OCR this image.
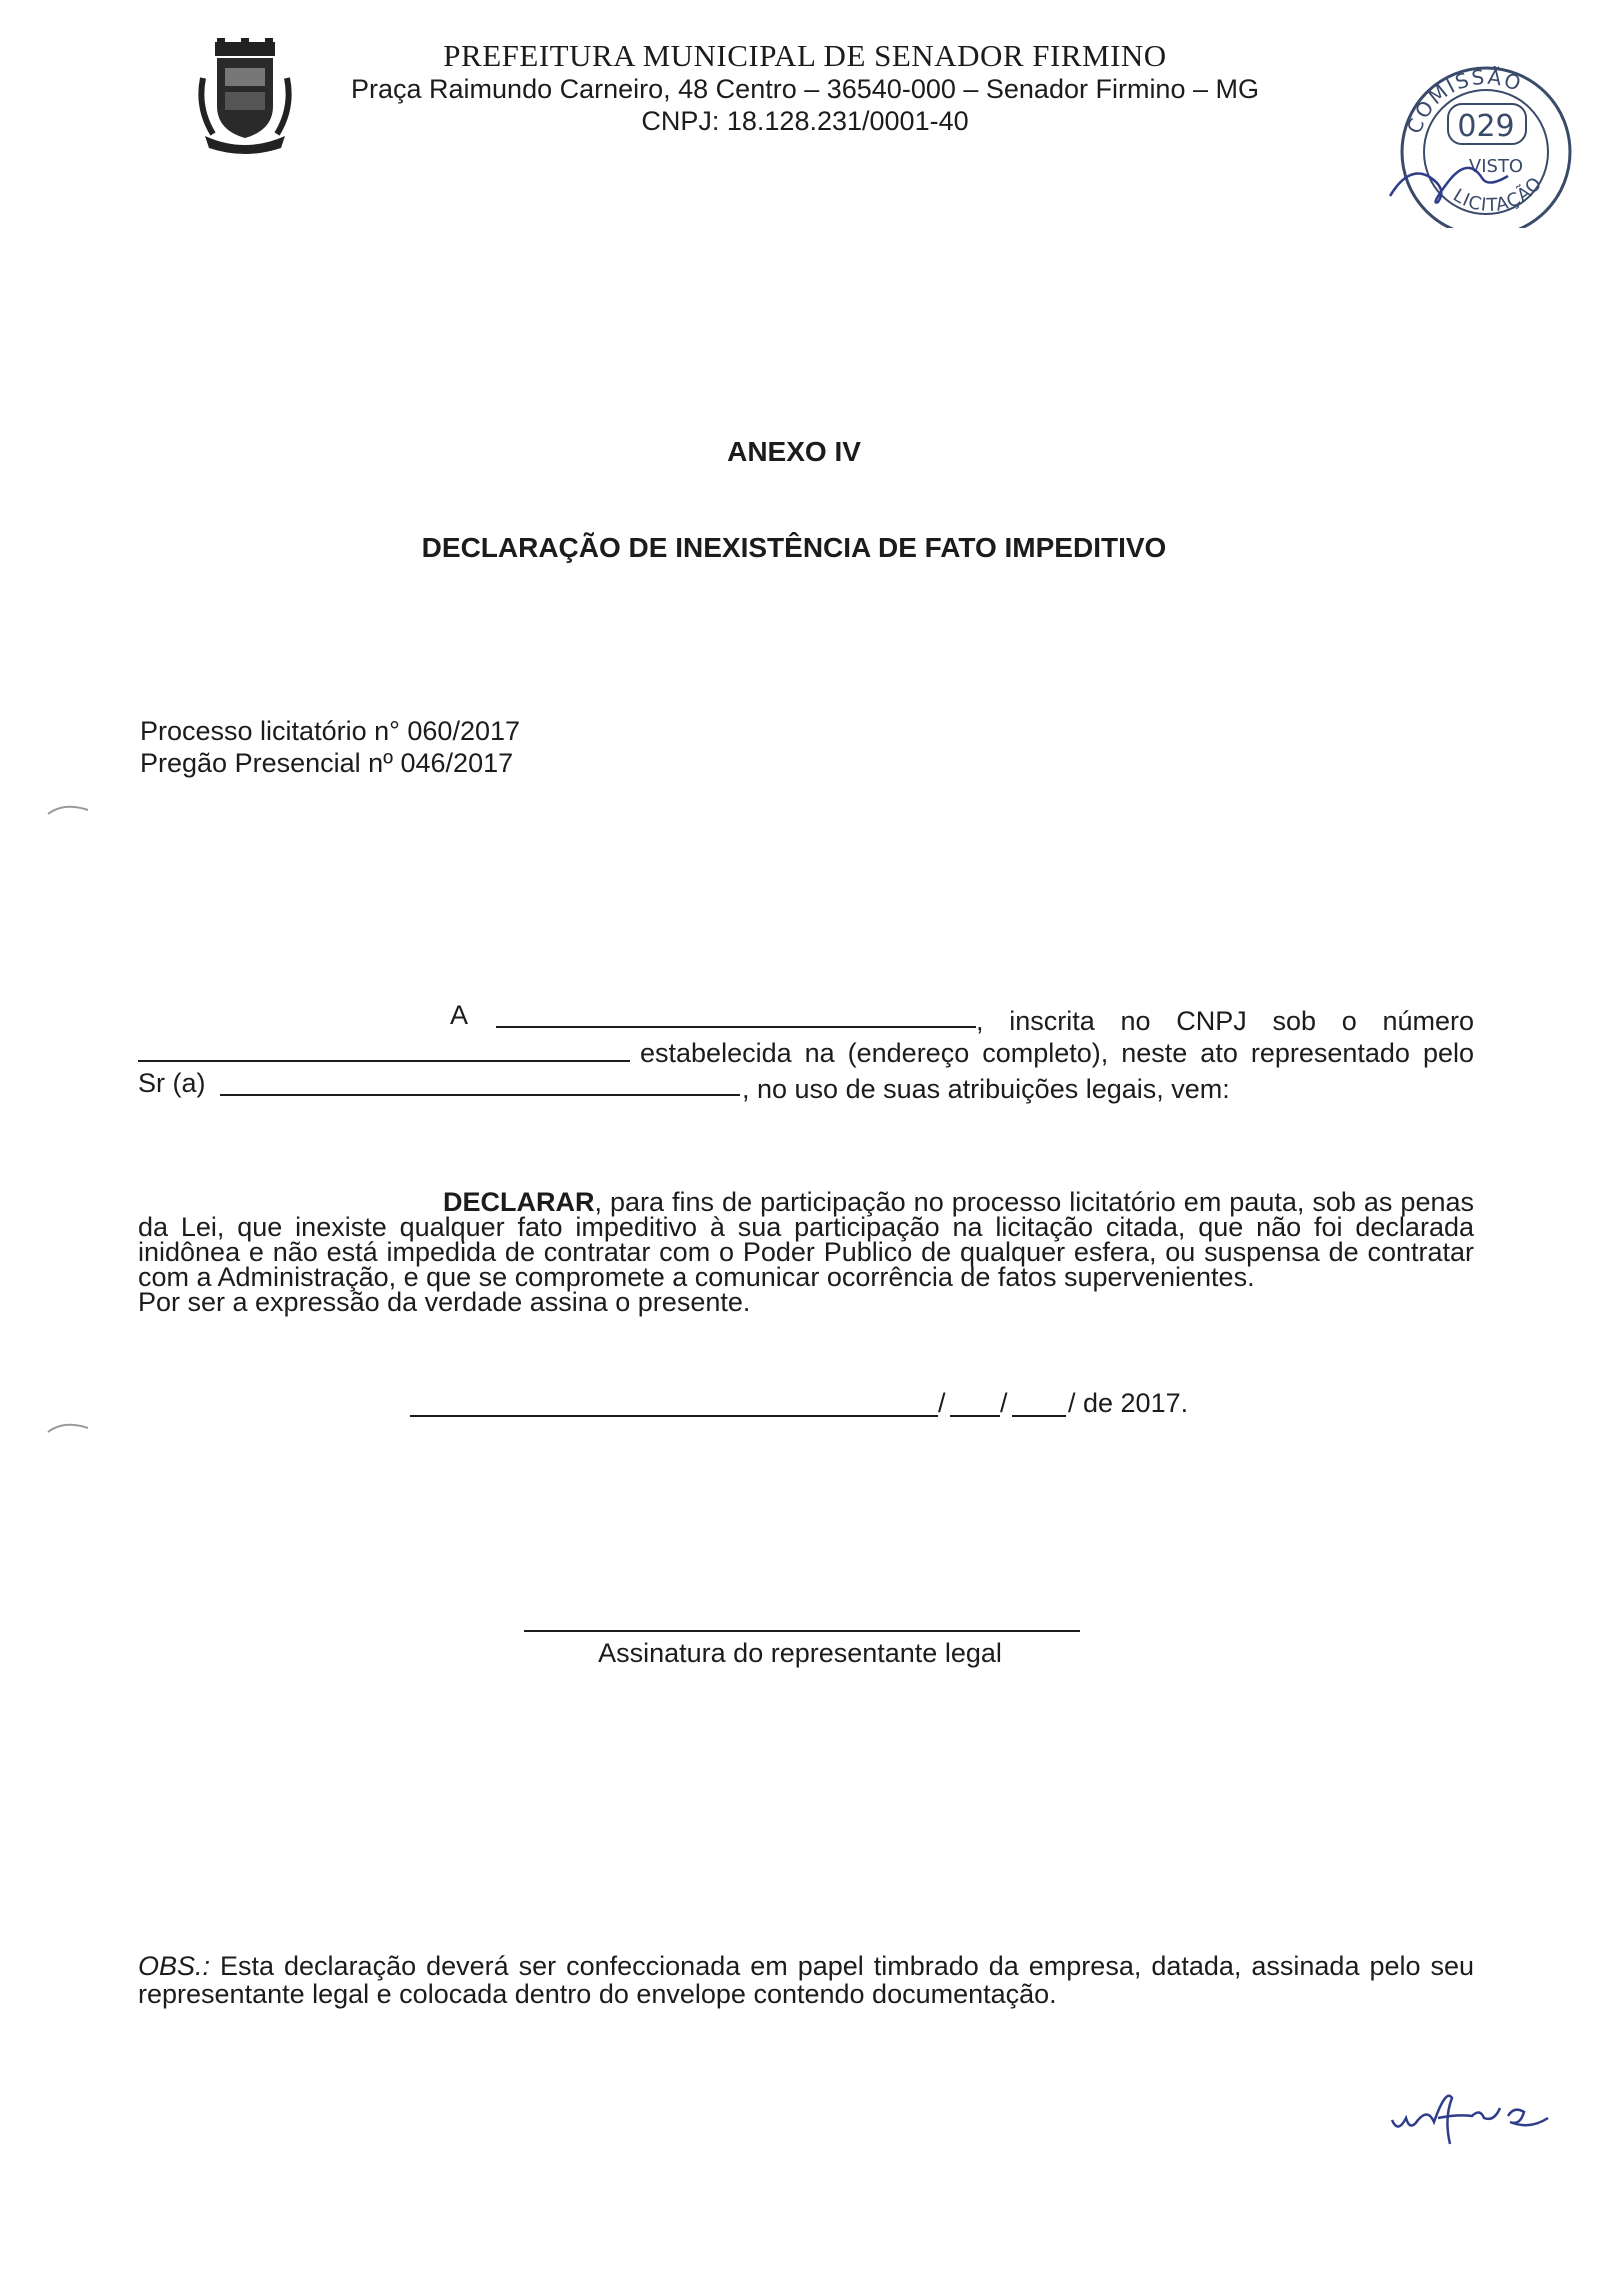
PREFEITURA MUNICIPAL DE SENADOR FIRMINO
Praça Raimundo Carneiro, 48 Centro – 36540-000 – Senador Firmino – MG
CNPJ: 18.128.231/0001-40	COMISSÃO
LICITAÇÃO
029
VISTO
ANEXO IV
DECLARAÇÃO DE INEXISTÊNCIA DE FATO IMPEDITIVO
Processo licitatório n° 060/2017
Pregão Presencial nº 046/2017
A	, inscrita no CNPJ sob o número
estabelecida na (endereço completo), neste ato representado pelo
Sr (a)	, no uso de suas atribuições legais, vem:

DECLARAR, para fins de participação no processo licitatório em pauta, sob as penas da Lei, que inexiste qualquer fato impeditivo à sua participação na licitação citada, que não foi declarada inidônea e não está impedida de contratar com o Poder Publico de qualquer esfera, ou suspensa de contratar com a Administração, e que se compromete a comunicar ocorrência de fatos supervenientes.

Por ser a expressão da verdade assina o presente.

/ / / de 2017.
Assinatura do representante legal
OBS.: Esta declaração deverá ser confeccionada em papel timbrado da empresa, datada, assinada pelo seu representante legal e colocada dentro do envelope contendo documentação.
